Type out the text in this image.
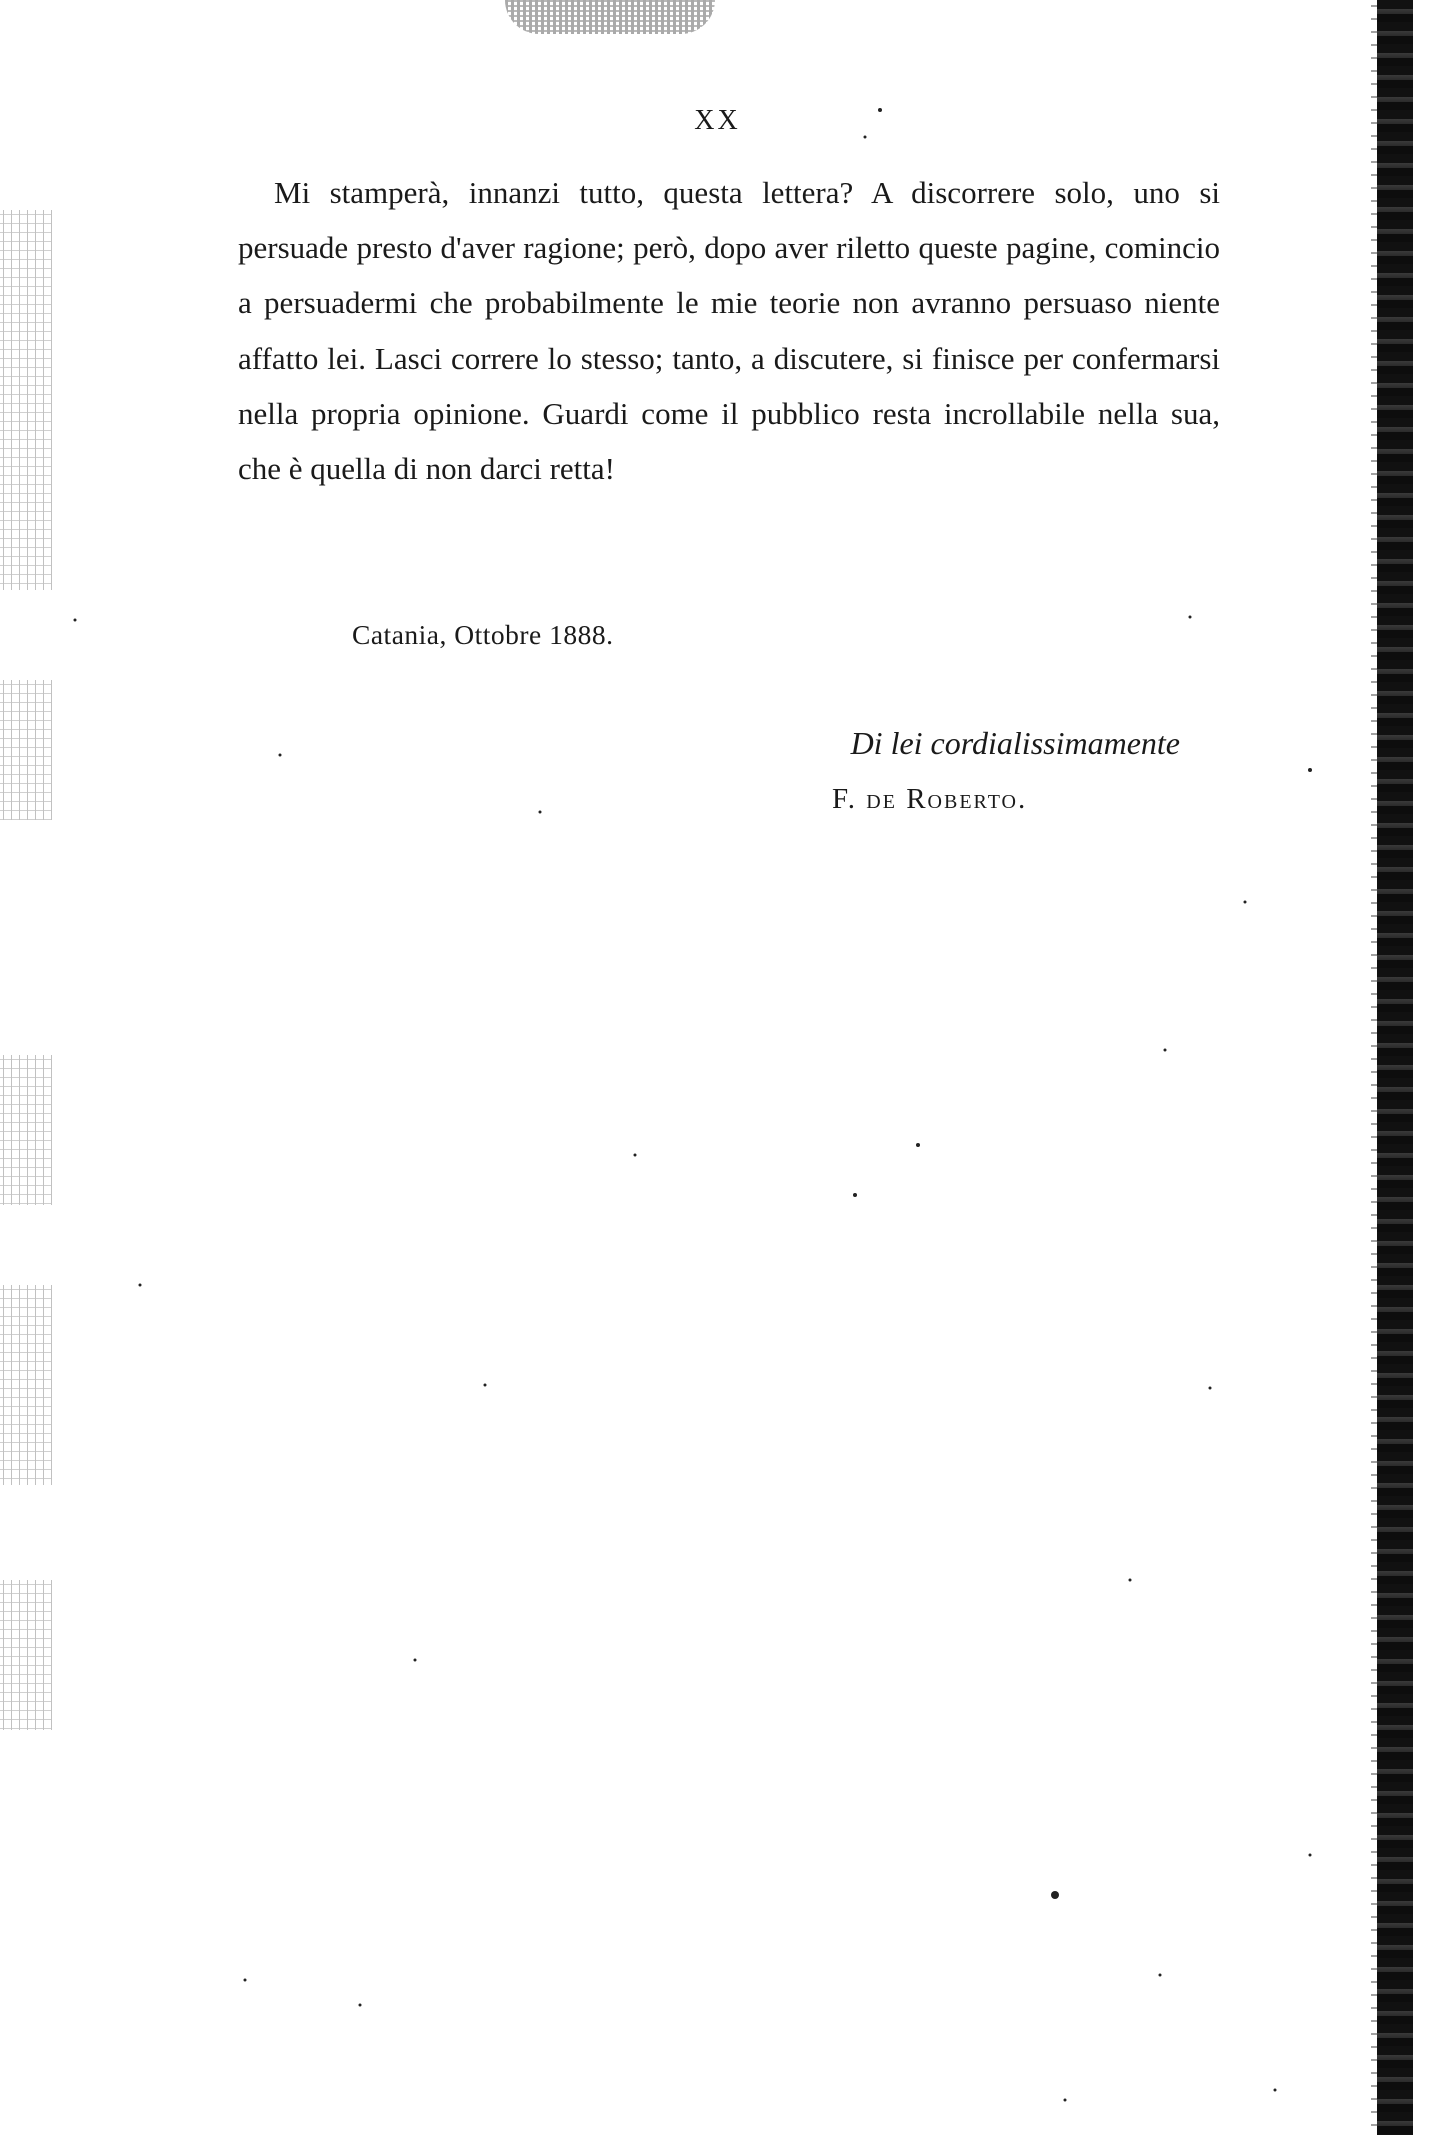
XX

Mi stamperà, innanzi tutto, questa lettera? A discorrere solo, uno si persuade presto d'aver ragione; però, dopo aver riletto queste pagine, comincio a persuadermi che probabilmente le mie teorie non avranno persuaso niente affatto lei. Lasci correre lo stesso; tanto, a discutere, si finisce per confermarsi nella propria opinione. Guardi come il pubblico resta incrollabile nella sua, che è quella di non darci retta!

Catania, Ottobre 1888.
Di lei cordialissimamente
F. de Roberto.
